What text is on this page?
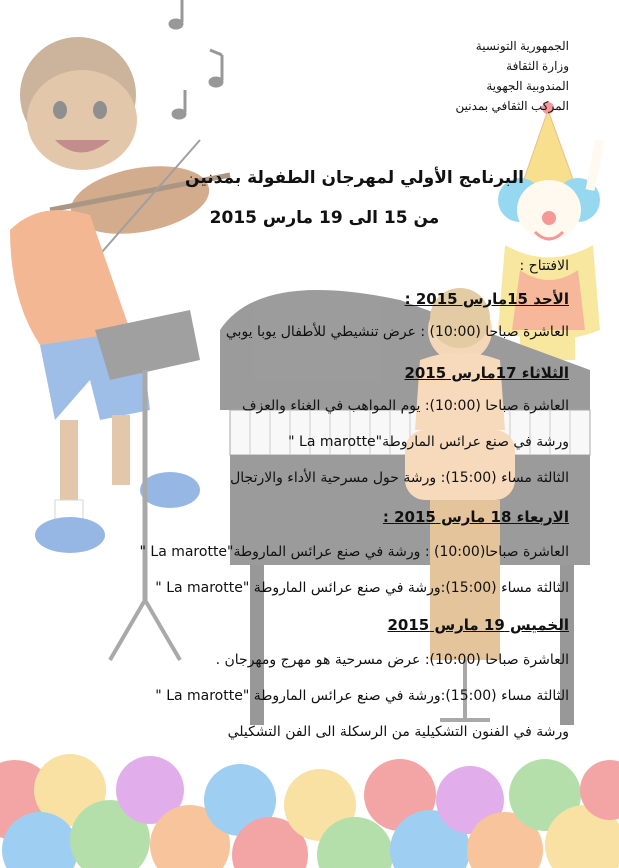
الجمهورية التونسية
وزارة الثقافة
المندوبية الجهوية
المركب الثقافي بمدنين
البرنامج الأولي لمهرجان الطفولة بمدنين
من 15 الى 19 مارس 2015
الافتتاح :
الأحد 15مارس 2015 :
العاشرة صباحا (10:00) : عرض تنشيطي للأطفال يوبا يوبي
الثلاثاء 17مارس 2015
العاشرة صباحا (10:00): يوم المواهب في الغناء والعزف
ورشة في صنع عرائس الماروطة"La marotte "
الثالثة مساء (15:00): ورشة حول مسرحية الأداء والارتجال
الاربعاء 18 مارس 2015 :
العاشرة صباحا(10:00) : ورشة في صنع عرائس الماروطة"La marotte "
الثالثة مساء (15:00):ورشة في صنع عرائس الماروطة "La marotte "
الخميس 19 مارس 2015
العاشرة صباحا (10:00): عرض مسرحية هو مهرج ومهرجان .
الثالثة مساء (15:00):ورشة في صنع عرائس الماروطة "La marotte "
ورشة في الفنون التشكيلية من الرسكلة الى الفن التشكيلي
